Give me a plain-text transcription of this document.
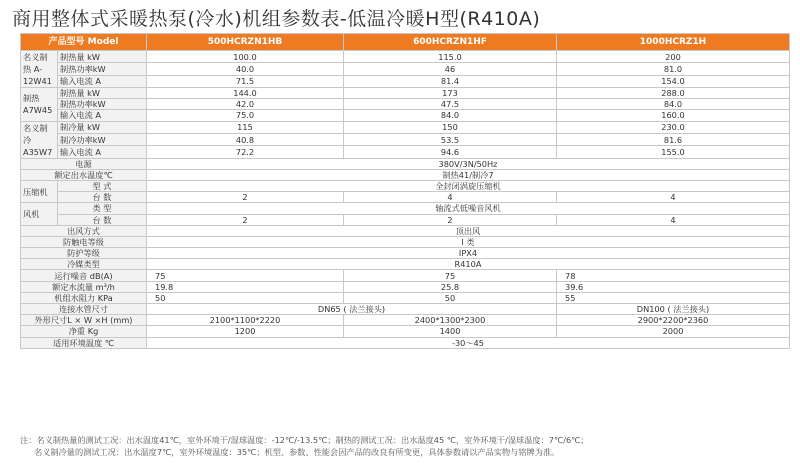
商用整体式采暖热泵(冷水)机组参数表-低温冷暖H型(R410A)
产品型号 Model		500HCRZN1HB	600HCRZN1HF	1000HCRZ1H
名义制热 A-12W41	制热量 kW	100.0	115.0	200
	制热功率kW	40.0	46	81.0
	输入电流 A	71.5	81.4	154.0
制热 A7W45	制热量 kW	144.0	173	288.0
	制热功率kW	42.0	47.5	84.0
	输入电流 A	75.0	84.0	160.0
名义制冷 A35W7	制冷量 kW	115	150	230.0
	制冷功率kW	40.8	53.5	81.6
	输入电流 A	72.2	94.6	155.0
电源		380V/3N/50Hz		
额定出水温度℃		制热41/制冷7		
压缩机	型 式	全封闭涡旋压缩机		
	台 数	2	4	4
风机	类 型	轴流式低噪音风机		
	台 数	2	2	4
出风方式		顶出风		
防触电等级		I 类		
防护等级		IPX4		
冷媒类型		R410A		
运行噪音 dB(A)		75	75	78
额定水流量 m³/h		19.8	25.8	39.6
机组水阻力 KPa		50	50	55
连接水管尺寸		DN65 ( 法兰接头)		DN100 ( 法兰接头)
外形尺寸L × W ×H (mm)		2100*1100*2220	2400*1300*2300	2900*2200*2360
净重 Kg		1200	1400	2000
适用环境温度 ℃		-30～45		
注：名义制热量的测试工况：出水温度41℃，室外环境干/湿球温度：-12℃/-13.5℃；制热的测试工况：出水温度45 ℃，室外环境干/湿球温度：7℃/6℃；
名义制冷量的测试工况：出水温度7℃，室外环境温度：35℃；机型、参数、性能会因产品的改良有所变更，具体参数请以产品实物与铭牌为准。
